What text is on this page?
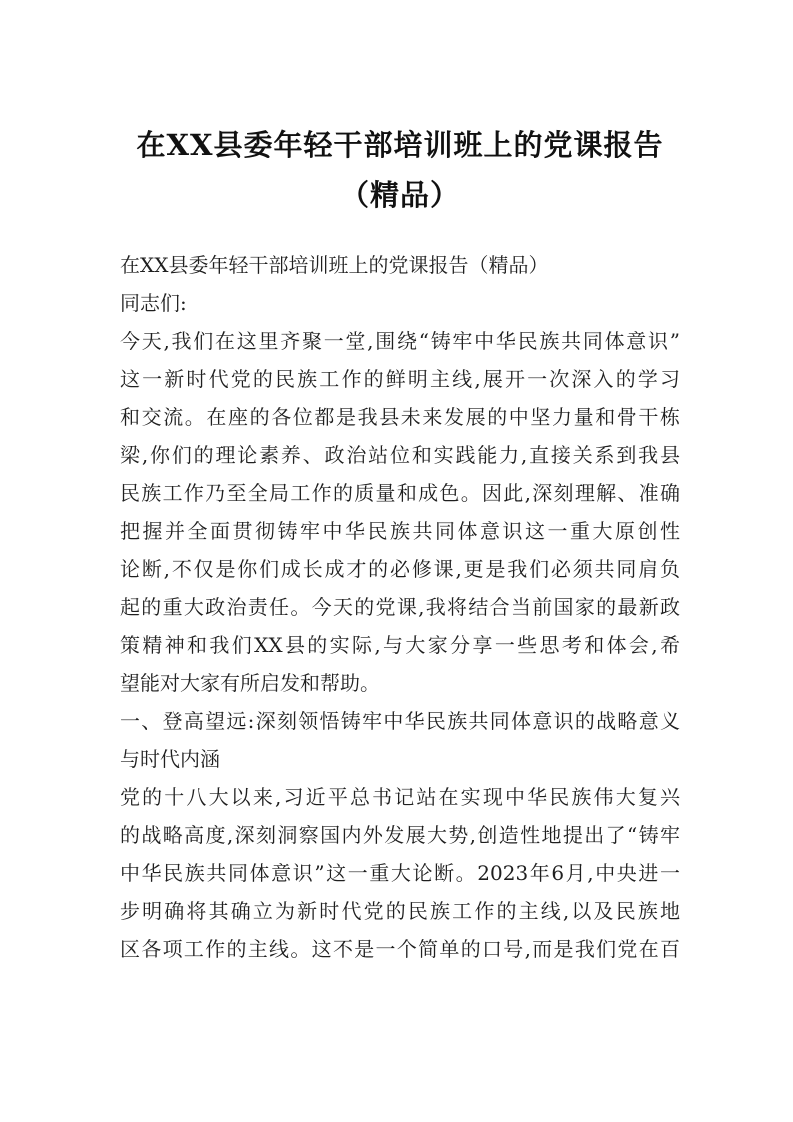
在XX县委年轻干部培训班上的党课报告
（精品）
在XX县委年轻干部培训班上的党课报告（精品）
同志们:
今天,我们在这里齐聚一堂,围绕“铸牢中华民族共同体意识”
这一新时代党的民族工作的鲜明主线,展开一次深入的学习
和交流。在座的各位都是我县未来发展的中坚力量和骨干栋
梁,你们的理论素养、政治站位和实践能力,直接关系到我县
民族工作乃至全局工作的质量和成色。因此,深刻理解、准确
把握并全面贯彻铸牢中华民族共同体意识这一重大原创性
论断,不仅是你们成长成才的必修课,更是我们必须共同肩负
起的重大政治责任。今天的党课,我将结合当前国家的最新政
策精神和我们XX县的实际,与大家分享一些思考和体会,希
望能对大家有所启发和帮助。
一、登高望远:深刻领悟铸牢中华民族共同体意识的战略意义
与时代内涵
党的十八大以来,习近平总书记站在实现中华民族伟大复兴
的战略高度,深刻洞察国内外发展大势,创造性地提出了“铸牢
中华民族共同体意识”这一重大论断。2023年6月,中央进一
步明确将其确立为新时代党的民族工作的主线,以及民族地
区各项工作的主线。这不是一个简单的口号,而是我们党在百
